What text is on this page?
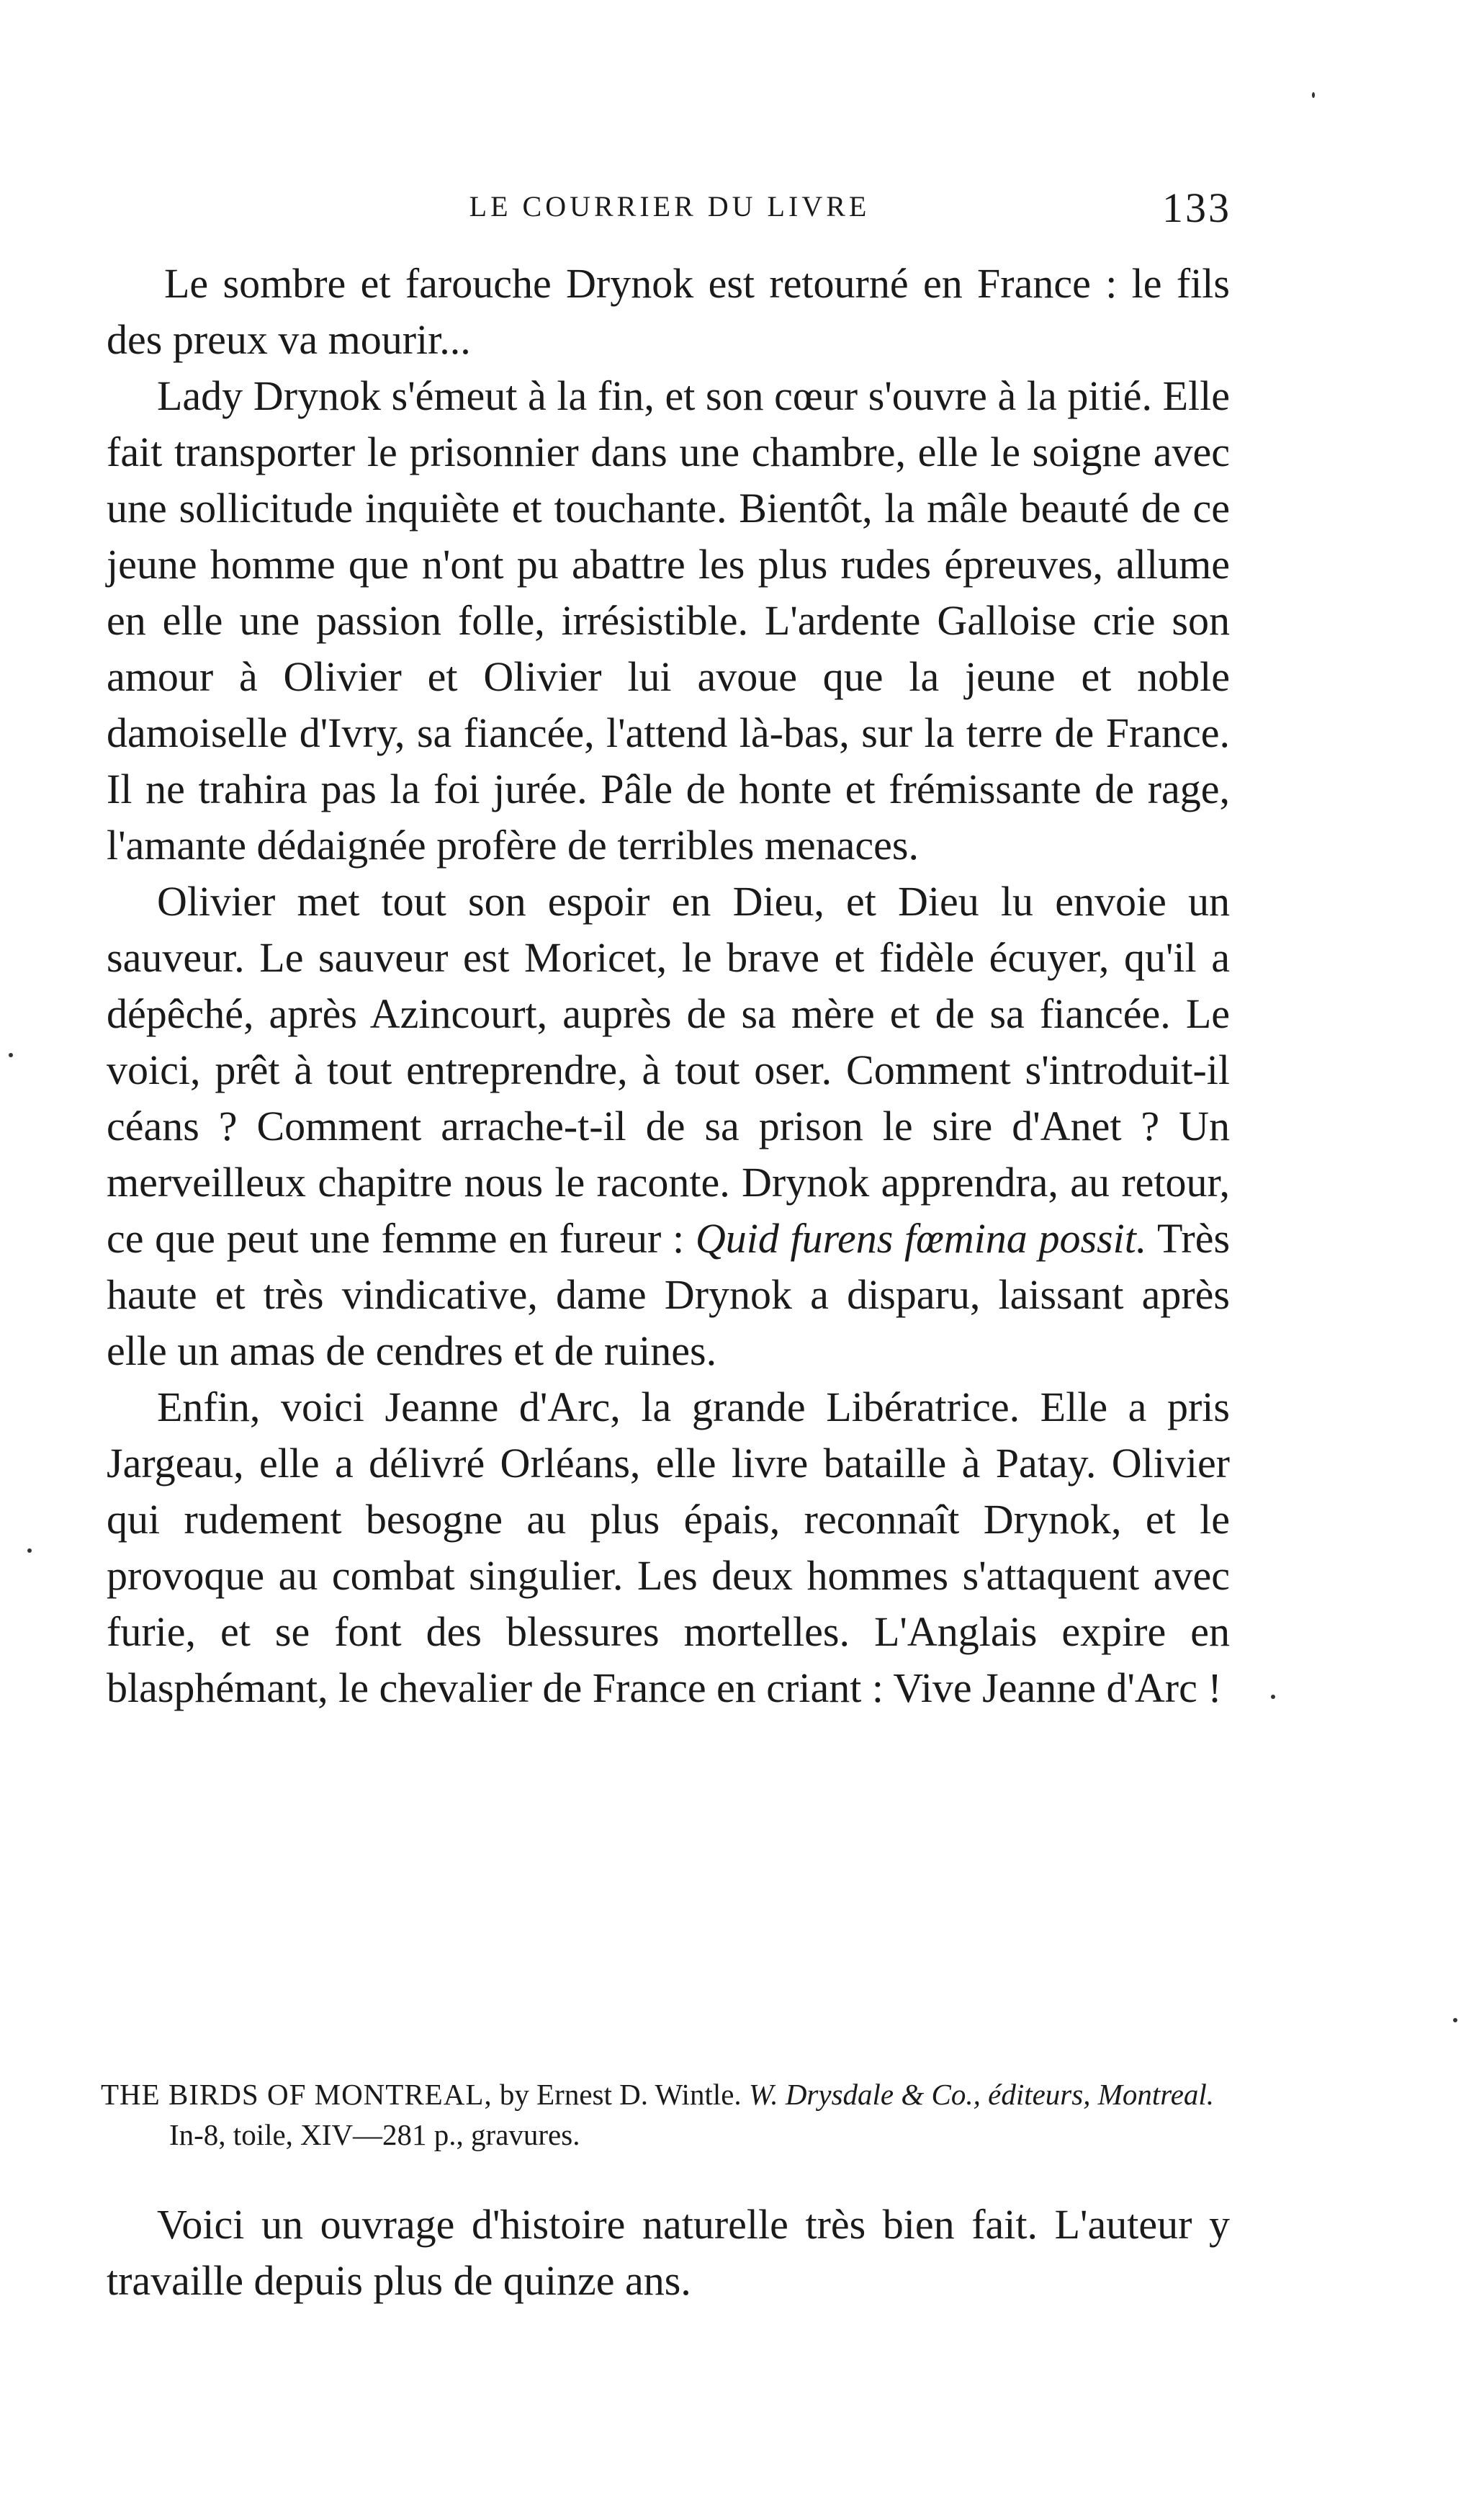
LE COURRIER DU LIVRE	133

Le sombre et farouche Drynok est retourné en France : le fils des preux va mourir...

Lady Drynok s'émeut à la fin, et son cœur s'ouvre à la pitié. Elle fait transporter le prisonnier dans une chambre, elle le soigne avec une sollicitude inquiète et touchante. Bientôt, la mâle beauté de ce jeune homme que n'ont pu abattre les plus rudes épreuves, allume en elle une passion folle, irrésistible. L'ardente Galloise crie son amour à Olivier et Olivier lui avoue que la jeune et noble damoiselle d'Ivry, sa fiancée, l'attend là-bas, sur la terre de France. Il ne trahira pas la foi jurée. Pâle de honte et frémissante de rage, l'amante dédaignée profère de terribles menaces.

Olivier met tout son espoir en Dieu, et Dieu lu envoie un sauveur. Le sauveur est Moricet, le brave et fidèle écuyer, qu'il a dépêché, après Azincourt, auprès de sa mère et de sa fiancée. Le voici, prêt à tout entreprendre, à tout oser. Comment s'introduit-il céans ? Comment arrache-t-il de sa prison le sire d'Anet ? Un merveilleux chapitre nous le raconte. Drynok apprendra, au retour, ce que peut une femme en fureur : Quid furens fœmina possit. Très haute et très vindicative, dame Drynok a disparu, laissant après elle un amas de cendres et de ruines.

Enfin, voici Jeanne d'Arc, la grande Libératrice. Elle a pris Jargeau, elle a délivré Orléans, elle livre bataille à Patay. Olivier qui rudement besogne au plus épais, reconnaît Drynok, et le provoque au combat singulier. Les deux hommes s'attaquent avec furie, et se font des blessures mortelles. L'Anglais expire en blasphémant, le chevalier de France en criant : Vive Jeanne d'Arc !

THE BIRDS OF MONTREAL, by Ernest D. Wintle. W. Drysdale & Co., éditeurs, Montreal.
In-8, toile, XIV—281 p., gravures.

Voici un ouvrage d'histoire naturelle très bien fait. L'auteur y travaille depuis plus de quinze ans.
